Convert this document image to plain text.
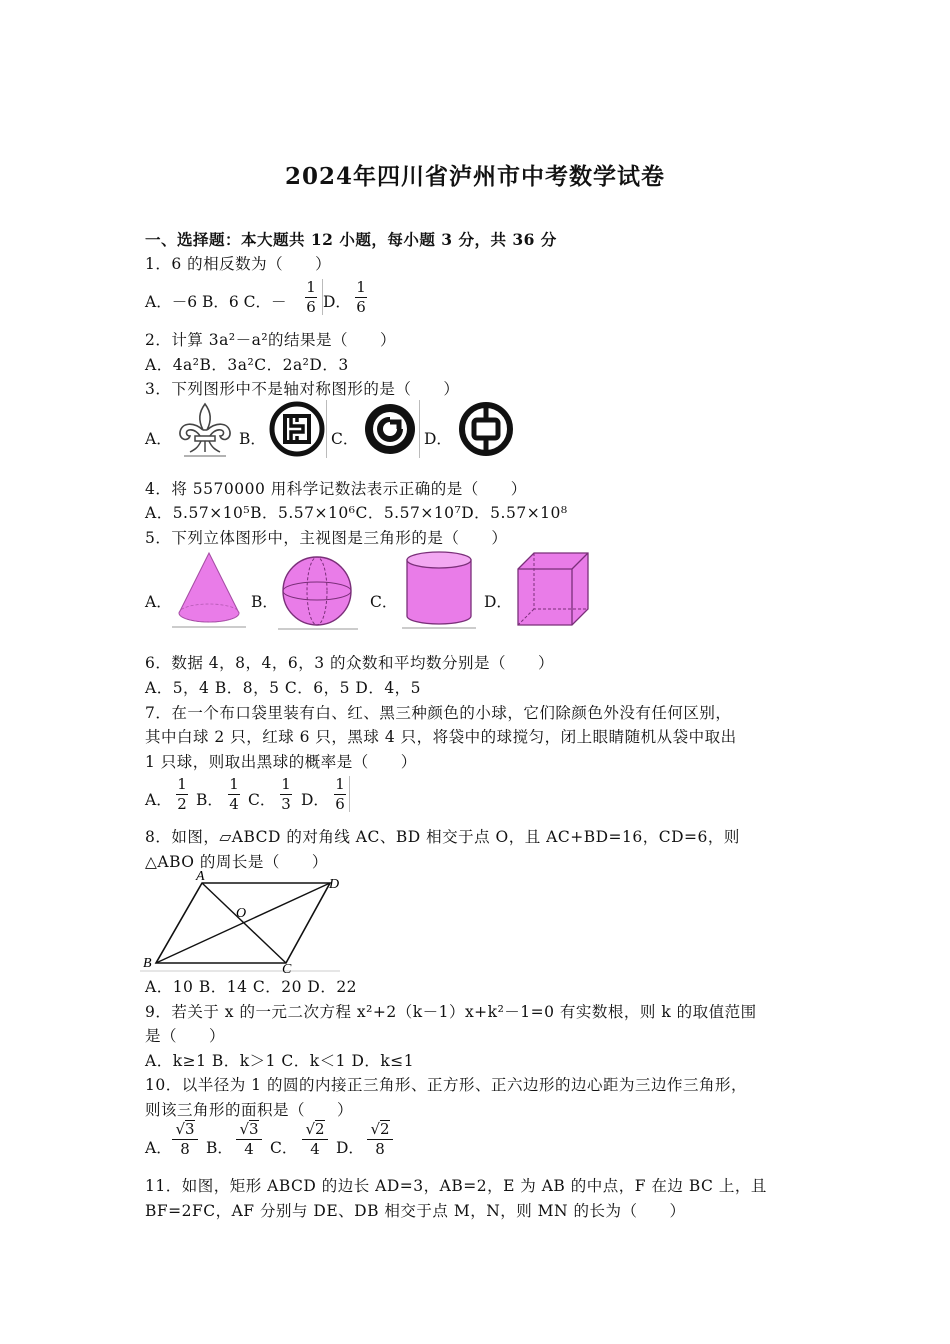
2024年四川省泸州市中考数学试卷
一、选择题：本大题共 12 小题，每小题 3 分，共 36 分
1．6 的相反数为（　　）
A．－6 B．6 C．－
1
6 D．
1
6
2．计算 3a²－a²的结果是（　　）
A．4a²B．3a²C．2a²D．3
3．下列图形中不是轴对称图形的是（　　）
A．	B．	C．	D．
4．将 5570000 用科学记数法表示正确的是（　　）
A．5.57×10⁵B．5.57×10⁶C．5.57×10⁷D．5.57×10⁸
5．下列立体图形中，主视图是三角形的是（　　）
A．	B．	C．	D．
6．数据 4，8，4，6，3 的众数和平均数分别是（　　）
A．5，4 B．8，5 C．6，5 D．4，5
7．在一个布口袋里装有白、红、黑三种颜色的小球，它们除颜色外没有任何区别，
其中白球 2 只，红球 6 只，黑球 4 只，将袋中的球搅匀，闭上眼睛随机从袋中取出
1 只球，则取出黑球的概率是（　　）
A．
1
2 B．
1
4 C．
1
3 D．
1
6
8．如图，▱ABCD 的对角线 AC、BD 相交于点 O，且 AC+BD=16，CD=6，则
△ABO 的周长是（　　）
A
D
O
B	C
A．10 B．14 C．20 D．22
9．若关于 x 的一元二次方程 x²+2（k－1）x+k²－1=0 有实数根，则 k 的取值范围
是（　　）
A．k≥1 B．k＞1 C．k＜1 D．k≤1
10．以半径为 1 的圆的内接正三角形、正方形、正六边形的边心距为三边作三角形，
则该三角形的面积是（　　）
A．
√ 3
8 B．
√ 3
4 C．
√ 2
4 D．
√ 2
8
11．如图，矩形 ABCD 的边长 AD=3，AB=2，E 为 AB 的中点，F 在边 BC 上，且
BF=2FC，AF 分别与 DE、DB 相交于点 M，N，则 MN 的长为（　　）
